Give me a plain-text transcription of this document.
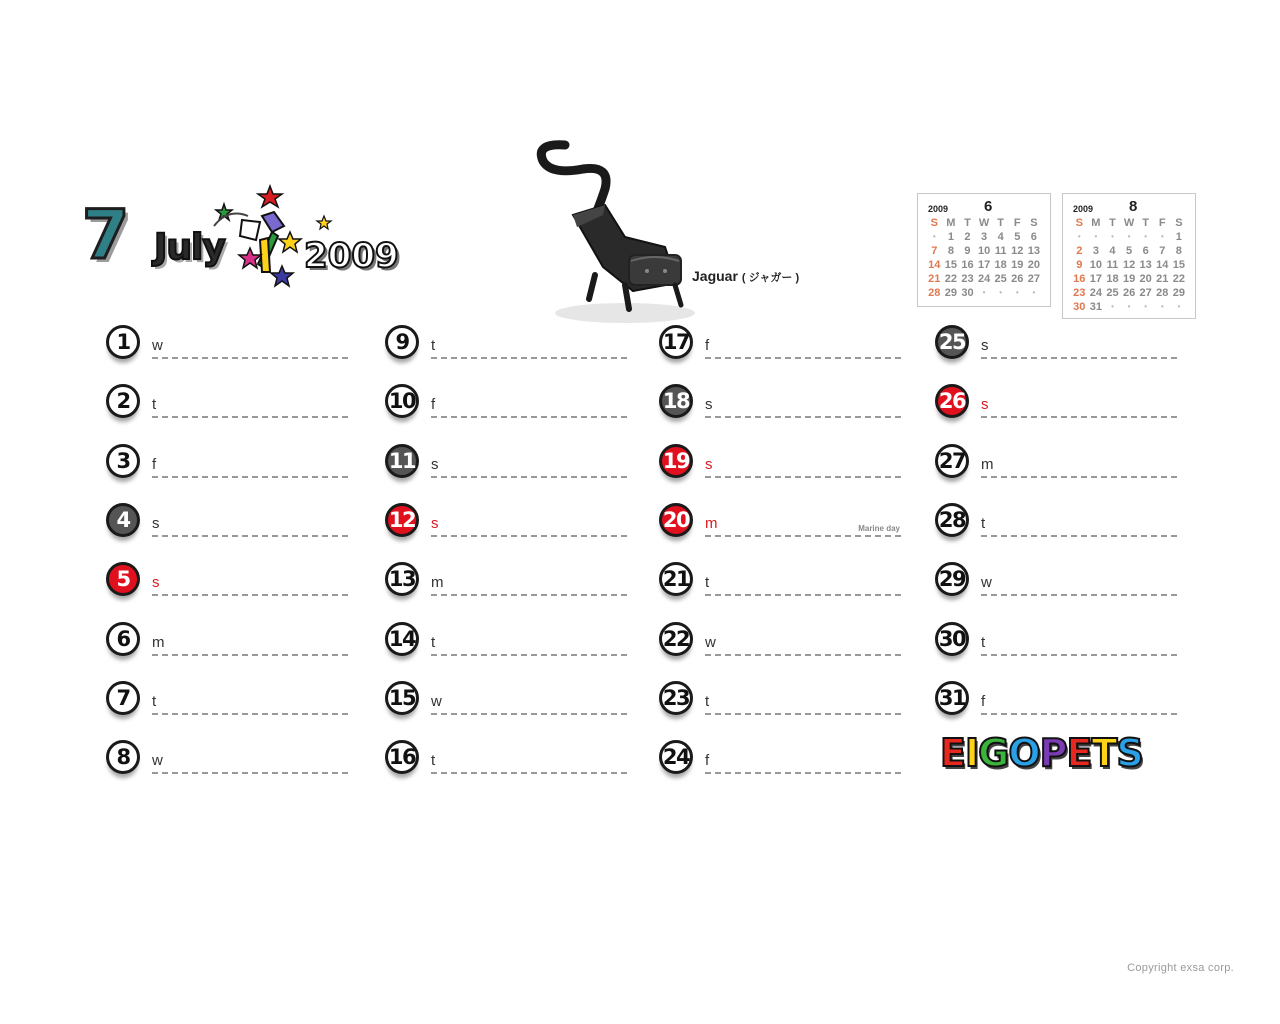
7 July 2009	Jaguar ( ジャガー )
2009 6
S M T W T F S
•	1 2 3 4 5 6
7 8 9 10 11 12 13
14 15 16 17 18 19 20
21 22 23 24 25 26 27
28 29 30	•	•	•	•
2009 8
S M T W T F S
•	•	•	•	•	•	1
2 3 4 5 6 7 8
9 10 11 12 13 14 15
16 17 18 19 20 21 22
23 24 25 26 27 28 29
30 31	•	•	•	•	•
1 w
2 t
3 f
4 s
5 s
6 m
7 t
8 w
9 t
10 f
11 s
12 s
13 m
14 t
15 w
16 t
17 f
18 s
19 s
20 m	Marine day
21 t
22 w
23 t
24 f
25 s
26 s
27 m
28 t
29 w
30 t
31 f
E I G O P E T S
Copyright exsa corp.
